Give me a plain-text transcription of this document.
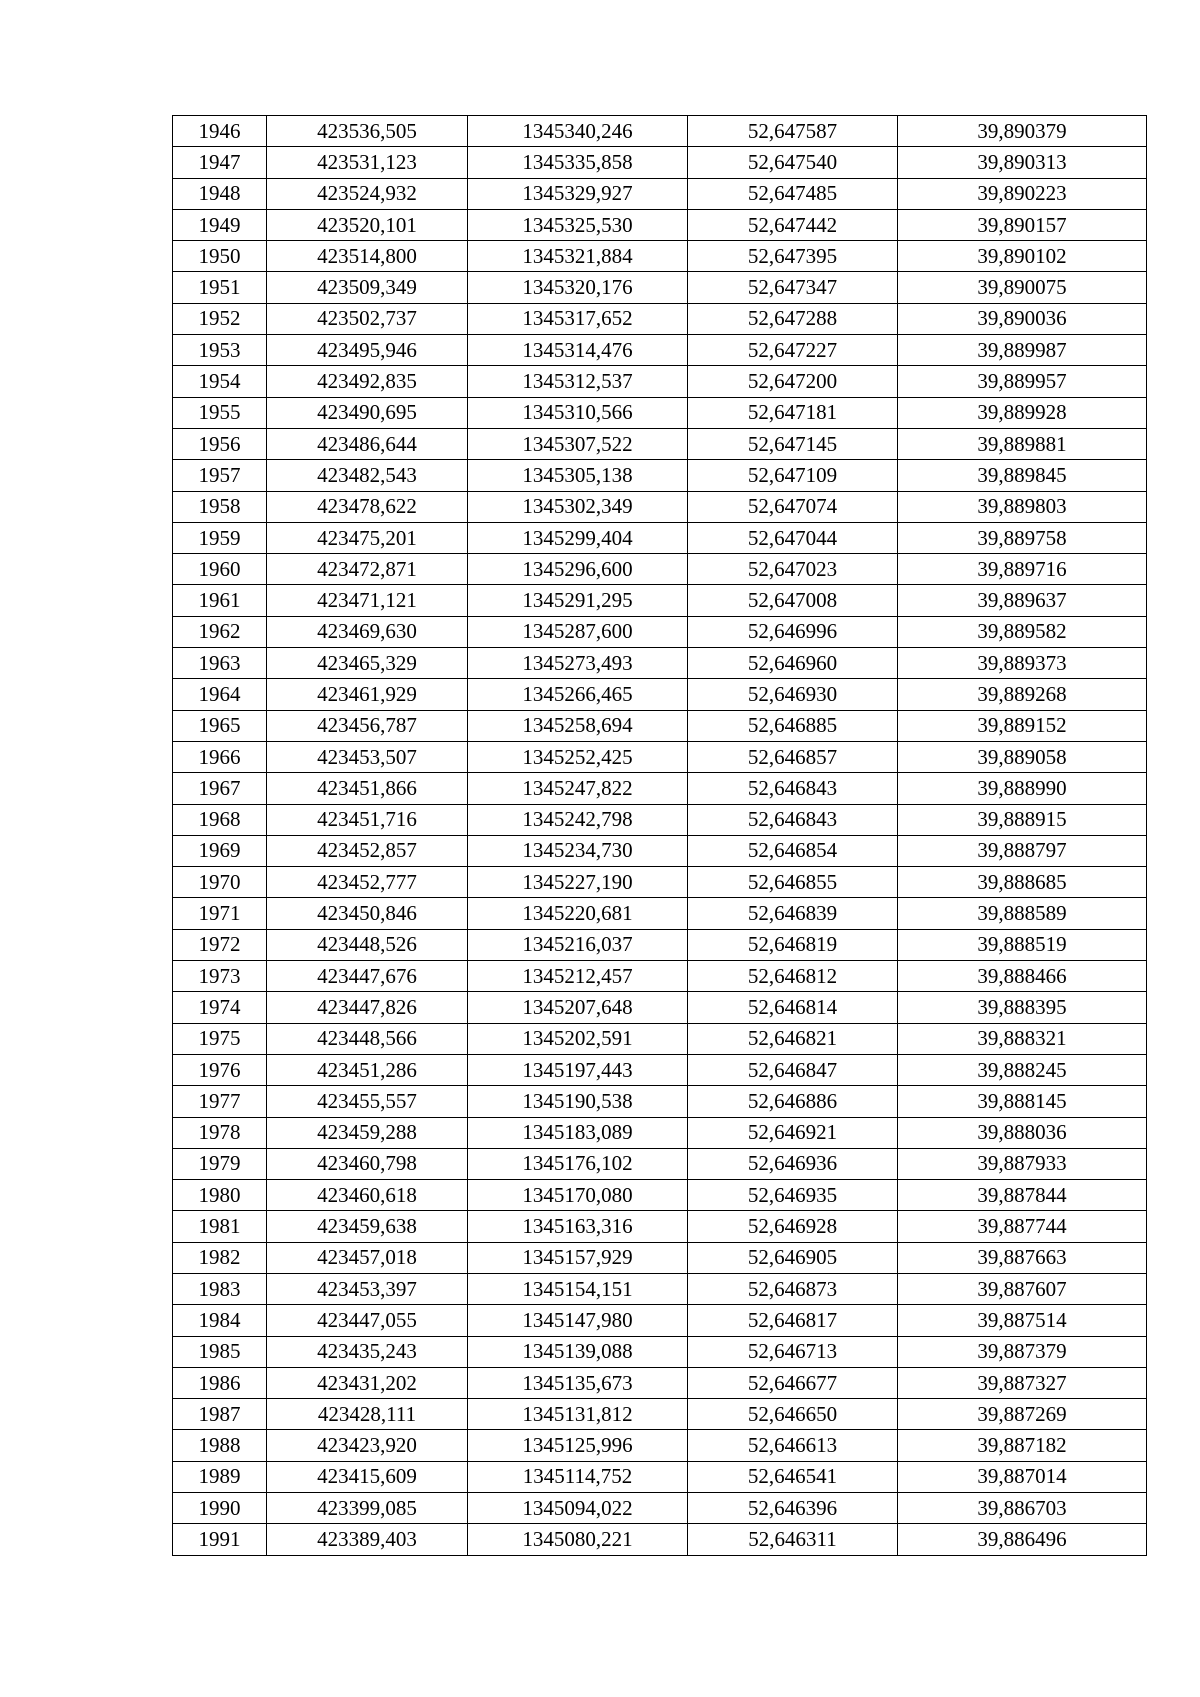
1946	423536,505	1345340,246	52,647587	39,890379
1947	423531,123	1345335,858	52,647540	39,890313
1948	423524,932	1345329,927	52,647485	39,890223
1949	423520,101	1345325,530	52,647442	39,890157
1950	423514,800	1345321,884	52,647395	39,890102
1951	423509,349	1345320,176	52,647347	39,890075
1952	423502,737	1345317,652	52,647288	39,890036
1953	423495,946	1345314,476	52,647227	39,889987
1954	423492,835	1345312,537	52,647200	39,889957
1955	423490,695	1345310,566	52,647181	39,889928
1956	423486,644	1345307,522	52,647145	39,889881
1957	423482,543	1345305,138	52,647109	39,889845
1958	423478,622	1345302,349	52,647074	39,889803
1959	423475,201	1345299,404	52,647044	39,889758
1960	423472,871	1345296,600	52,647023	39,889716
1961	423471,121	1345291,295	52,647008	39,889637
1962	423469,630	1345287,600	52,646996	39,889582
1963	423465,329	1345273,493	52,646960	39,889373
1964	423461,929	1345266,465	52,646930	39,889268
1965	423456,787	1345258,694	52,646885	39,889152
1966	423453,507	1345252,425	52,646857	39,889058
1967	423451,866	1345247,822	52,646843	39,888990
1968	423451,716	1345242,798	52,646843	39,888915
1969	423452,857	1345234,730	52,646854	39,888797
1970	423452,777	1345227,190	52,646855	39,888685
1971	423450,846	1345220,681	52,646839	39,888589
1972	423448,526	1345216,037	52,646819	39,888519
1973	423447,676	1345212,457	52,646812	39,888466
1974	423447,826	1345207,648	52,646814	39,888395
1975	423448,566	1345202,591	52,646821	39,888321
1976	423451,286	1345197,443	52,646847	39,888245
1977	423455,557	1345190,538	52,646886	39,888145
1978	423459,288	1345183,089	52,646921	39,888036
1979	423460,798	1345176,102	52,646936	39,887933
1980	423460,618	1345170,080	52,646935	39,887844
1981	423459,638	1345163,316	52,646928	39,887744
1982	423457,018	1345157,929	52,646905	39,887663
1983	423453,397	1345154,151	52,646873	39,887607
1984	423447,055	1345147,980	52,646817	39,887514
1985	423435,243	1345139,088	52,646713	39,887379
1986	423431,202	1345135,673	52,646677	39,887327
1987	423428,111	1345131,812	52,646650	39,887269
1988	423423,920	1345125,996	52,646613	39,887182
1989	423415,609	1345114,752	52,646541	39,887014
1990	423399,085	1345094,022	52,646396	39,886703
1991	423389,403	1345080,221	52,646311	39,886496
